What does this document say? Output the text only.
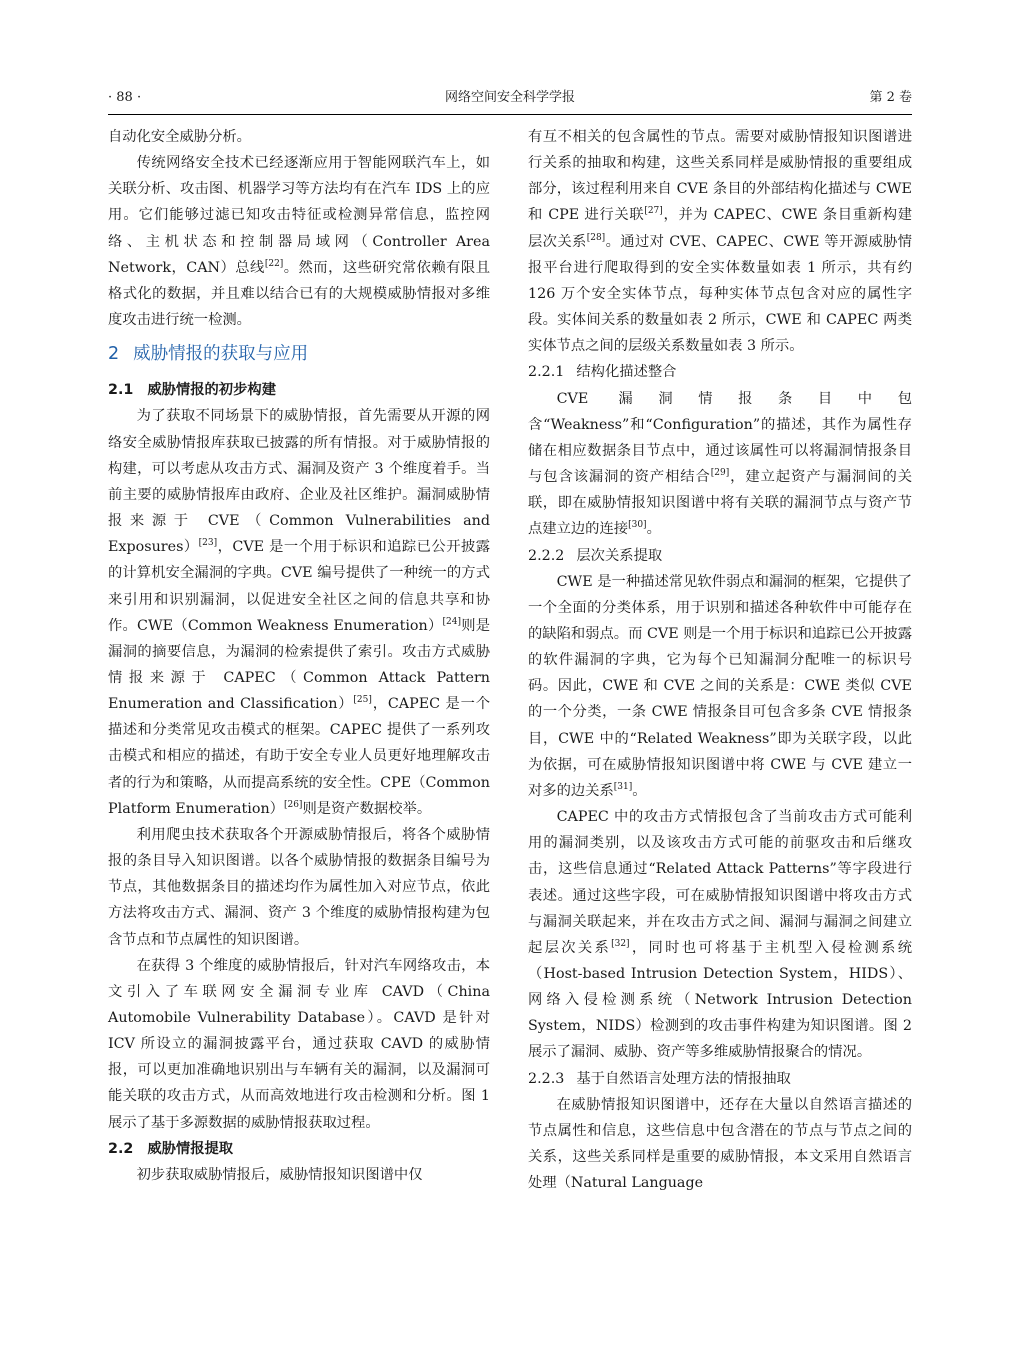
· 88 ·	网络空间安全科学学报	第 2 卷

自动化安全威胁分析。

传统网络安全技术已经逐渐应用于智能网联汽车上，如关联分析、攻击图、机器学习等方法均有在汽车 IDS 上的应用。它们能够过滤已知攻击特征或检测异常信息，监控网络、主机状态和控制器局域网（Controller Area Network，CAN）总线[22]。然而，这些研究常依赖有限且格式化的数据，并且难以结合已有的大规模威胁情报对多维度攻击进行统一检测。

2 威胁情报的获取与应用
2.1 威胁情报的初步构建

为了获取不同场景下的威胁情报，首先需要从开源的网络安全威胁情报库获取已披露的所有情报。对于威胁情报的构建，可以考虑从攻击方式、漏洞及资产 3 个维度着手。当前主要的威胁情报库由政府、企业及社区维护。漏洞威胁情报来源于 CVE（Common Vulnerabilities and Exposures）[23]，CVE 是一个用于标识和追踪已公开披露的计算机安全漏洞的字典。CVE 编号提供了一种统一的方式来引用和识别漏洞，以促进安全社区之间的信息共享和协作。CWE（Common Weakness Enumeration）[24]则是漏洞的摘要信息，为漏洞的检索提供了索引。攻击方式威胁情报来源于 CAPEC（Common Attack Pattern Enumeration and Classification）[25]，CAPEC 是一个描述和分类常见攻击模式的框架。CAPEC 提供了一系列攻击模式和相应的描述，有助于安全专业人员更好地理解攻击者的行为和策略，从而提高系统的安全性。CPE（Common Platform Enumeration）[26]则是资产数据校举。

利用爬虫技术获取各个开源威胁情报后，将各个威胁情报的条目导入知识图谱。以各个威胁情报的数据条目编号为节点，其他数据条目的描述均作为属性加入对应节点，依此方法将攻击方式、漏洞、资产 3 个维度的威胁情报构建为包含节点和节点属性的知识图谱。

在获得 3 个维度的威胁情报后，针对汽车网络攻击，本文引入了车联网安全漏洞专业库 CAVD（China Automobile Vulnerability Database）。CAVD 是针对 ICV 所设立的漏洞披露平台，通过获取 CAVD 的威胁情报，可以更加准确地识别出与车辆有关的漏洞，以及漏洞可能关联的攻击方式，从而高效地进行攻击检测和分析。图 1 展示了基于多源数据的威胁情报获取过程。

2.2 威胁情报提取

初步获取威胁情报后，威胁情报知识图谱中仅

有互不相关的包含属性的节点。需要对威胁情报知识图谱进行关系的抽取和构建，这些关系同样是威胁情报的重要组成部分，该过程利用来自 CVE 条目的外部结构化描述与 CWE 和 CPE 进行关联[27]，并为 CAPEC、CWE 条目重新构建层次关系[28]。通过对 CVE、CAPEC、CWE 等开源威胁情报平台进行爬取得到的安全实体数量如表 1 所示，共有约 126 万个安全实体节点，每种实体节点包含对应的属性字段。实体间关系的数量如表 2 所示，CWE 和 CAPEC 两类实体节点之间的层级关系数量如表 3 所示。

2.2.1 结构化描述整合

CVE 漏洞情报条目中包含“Weakness”和“Configuration”的描述，其作为属性存储在相应数据条目节点中，通过该属性可以将漏洞情报条目与包含该漏洞的资产相结合[29]，建立起资产与漏洞间的关联，即在威胁情报知识图谱中将有关联的漏洞节点与资产节点建立边的连接[30]。

2.2.2 层次关系提取

CWE 是一种描述常见软件弱点和漏洞的框架，它提供了一个全面的分类体系，用于识别和描述各种软件中可能存在的缺陷和弱点。而 CVE 则是一个用于标识和追踪已公开披露的软件漏洞的字典，它为每个已知漏洞分配唯一的标识号码。因此，CWE 和 CVE 之间的关系是：CWE 类似 CVE 的一个分类，一条 CWE 情报条目可包含多条 CVE 情报条目，CWE 中的“Related Weakness”即为关联字段，以此为依据，可在威胁情报知识图谱中将 CWE 与 CVE 建立一对多的边关系[31]。

CAPEC 中的攻击方式情报包含了当前攻击方式可能利用的漏洞类别，以及该攻击方式可能的前驱攻击和后继攻击，这些信息通过“Related Attack Patterns”等字段进行表述。通过这些字段，可在威胁情报知识图谱中将攻击方式与漏洞关联起来，并在攻击方式之间、漏洞与漏洞之间建立起层次关系[32]，同时也可将基于主机型入侵检测系统（Host-based Intrusion Detection System，HIDS）、网络入侵检测系统（Network Intrusion Detection System，NIDS）检测到的攻击事件构建为知识图谱。图 2 展示了漏洞、威胁、资产等多维威胁情报聚合的情况。

2.2.3 基于自然语言处理方法的情报抽取

在威胁情报知识图谱中，还存在大量以自然语言描述的节点属性和信息，这些信息中包含潜在的节点与节点之间的关系，这些关系同样是重要的威胁情报，本文采用自然语言处理（Natural Language
